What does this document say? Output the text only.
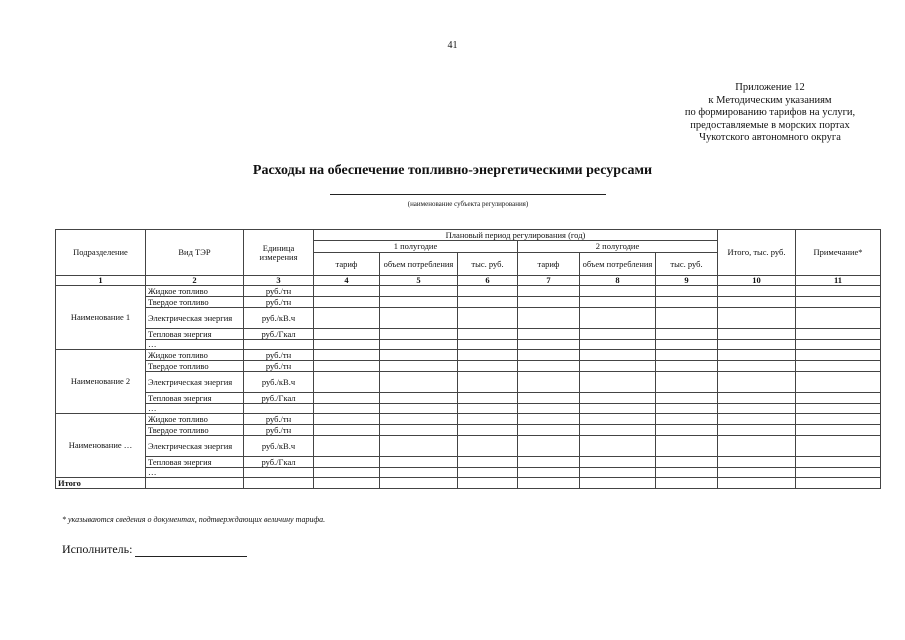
41
Приложение 12
к Методическим указаниям
по формированию тарифов на услуги,
предоставляемые в морских портах
Чукотского автономного округа
Расходы на обеспечение топливно-энергетическими ресурсами
(наименование субъекта регулирования)
Подразделение	Вид ТЭР	Единица измерения	Плановый период регулирования (год)						Итого, тыс. руб.	Примечание*
			1 полугодие			2 полугодие				
			тариф	объем потребления	тыс. руб.	тариф	объем потребления	тыс. руб.		
1	2	3	4	5	6	7	8	9	10	11
Наименование 1	Жидкое топливо	руб./тн								
	Твердое топливо	руб./тн								
	Электрическая энергия	руб./кВ.ч								
	Тепловая энергия	руб./Гкал								
	…									
Наименование 2	Жидкое топливо	руб./тн								
	Твердое топливо	руб./тн								
	Электрическая энергия	руб./кВ.ч								
	Тепловая энергия	руб./Гкал								
	…									
Наименование …	Жидкое топливо	руб./тн								
	Твердое топливо	руб./тн								
	Электрическая энергия	руб./кВ.ч								
	Тепловая энергия	руб./Гкал								
	…									
Итого										
* указываются сведения о документах, подтверждающих величину тарифа.
Исполнитель:
